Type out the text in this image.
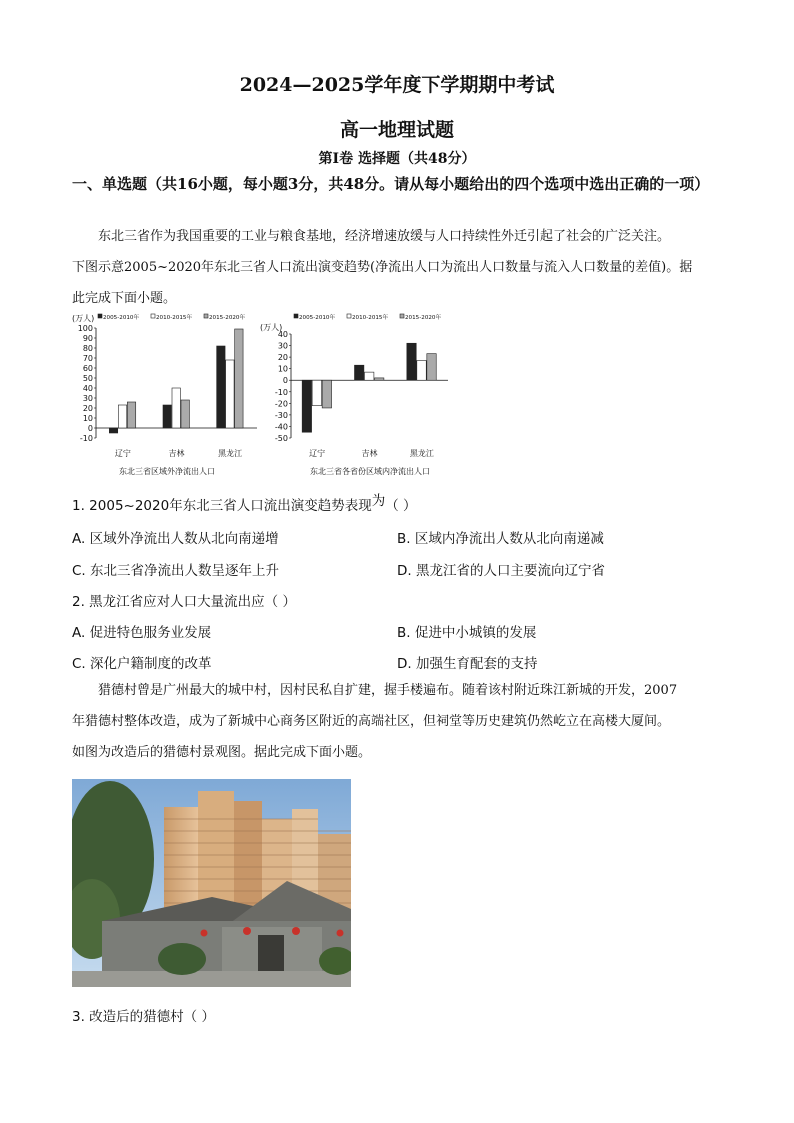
2024—2025学年度下学期期中考试
高一地理试题
第Ⅰ卷 选择题（共48分）
一、单选题（共16小题，每小题3分，共48分。请从每小题给出的四个选项中选出正确的一项）
东北三省作为我国重要的工业与粮食基地，经济增速放缓与人口持续性外迁引起了社会的广泛关注。
下图示意2005~2020年东北三省人口流出演变趋势(净流出人口为流出人口数量与流入人口数量的差值)。据
此完成下面小题。
2005-2010年	2010-2015年	2015-2020年
(万人)
100
90
80
70
60
50
40
30
20
10
0
-10
辽宁	吉林	黑龙江
东北三省区域外净流出人口
2005-2010年	2010-2015年	2015-2020年
(万人)
40
30
20
10
0
-10
-20
-30
-40
-50
辽宁	吉林	黑龙江
东北三省各省份区域内净流出人口
1. 2005~2020年东北三省人口流出演变趋势表现为（ ）
A. 区域外净流出人数从北向南递增	B. 区域内净流出人数从北向南递减
C. 东北三省净流出人数呈逐年上升	D. 黑龙江省的人口主要流向辽宁省
2. 黑龙江省应对人口大量流出应（ ）
A. 促进特色服务业发展	B. 促进中小城镇的发展
C. 深化户籍制度的改革	D. 加强生育配套的支持
猎德村曾是广州最大的城中村，因村民私自扩建，握手楼遍布。随着该村附近珠江新城的开发，2007
年猎德村整体改造，成为了新城中心商务区附近的高端社区，但祠堂等历史建筑仍然屹立在高楼大厦间。
如图为改造后的猎德村景观图。据此完成下面小题。
3. 改造后的猎德村（ ）
